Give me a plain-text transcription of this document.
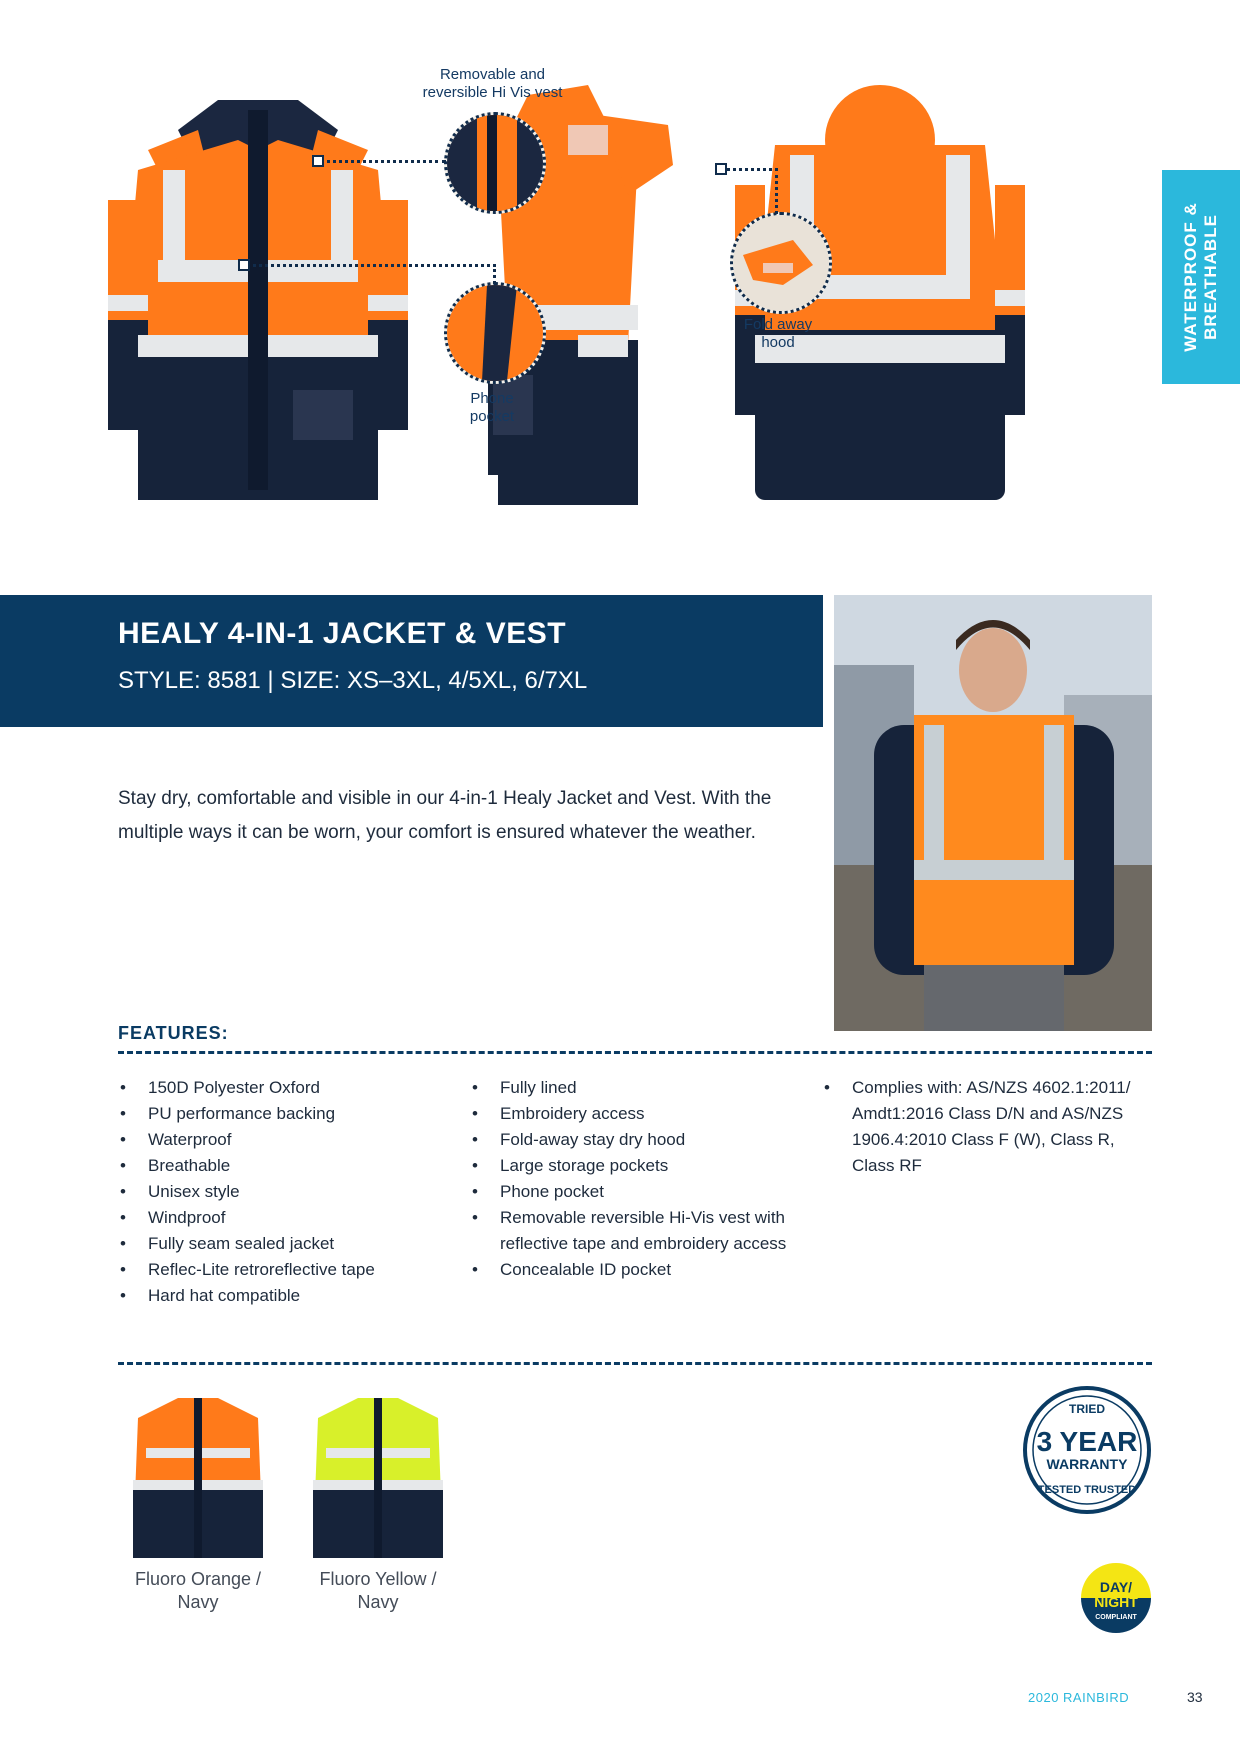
Removable and reversible Hi Vis vest
Phone pocket
Fold away hood	WATERPROOF & BREATHABLE
HEALY 4-IN-1 JACKET & VEST
STYLE: 8581 | SIZE: XS–3XL, 4/5XL, 6/7XL
Stay dry, comfortable and visible in our 4-in-1 Healy Jacket and Vest. With the multiple ways it can be worn, your comfort is ensured whatever the weather.
FEATURES:
• 150D Polyester Oxford
• PU performance backing
• Waterproof
• Breathable
• Unisex style
• Windproof
• Fully seam sealed jacket
• Reflec-Lite retroreflective tape
• Hard hat compatible
• Fully lined
• Embroidery access
• Fold-away stay dry hood
• Large storage pockets
• Phone pocket
• Removable reversible Hi-Vis vest with reflective tape and embroidery access
• Concealable ID pocket
• Complies with: AS/NZS 4602.1:2011/ Amdt1:2016 Class D/N and AS/NZS 1906.4:2010 Class F (W), Class R, Class RF
Fluoro Orange / Navy
Fluoro Yellow / Navy
TRIED
3 YEAR
WARRANTY
TESTED TRUSTED
DAY/
NIGHT
COMPLIANT
2020 RAINBIRD	33
